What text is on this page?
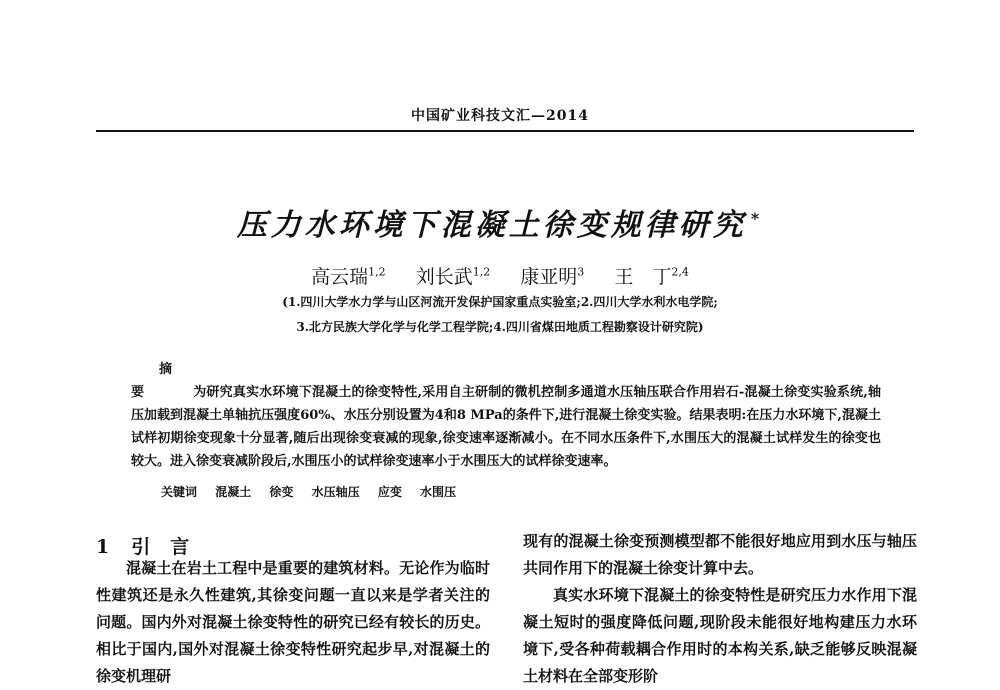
中国矿业科技文汇—2014
压力水环境下混凝土徐变规律研究 *
高云瑞$^{1,2}$ 刘长武$^{1,2}$ 康亚明$^3$ 王　丁$^{2,4}$
(1.四川大学水力学与山区河流开发保护国家重点实验室;2.四川大学水利水电学院;
3.北方民族大学化学与化学工程学院;4.四川省煤田地质工程勘察设计研究院)
摘　要	为研究真实水环境下混凝土的徐变特性,采用自主研制的微机控制多通道水压轴压联合作用岩石-混凝土徐变实验系统,轴压加载到混凝土单轴抗压强度60%、水压分别设置为4和8 MPa的条件下,进行混凝土徐变实验。结果表明:在压力水环境下,混凝土试样初期徐变现象十分显著,随后出现徐变衰减的现象,徐变速率逐渐减小。在不同水压条件下,水围压大的混凝土试样发生的徐变也较大。进入徐变衰减阶段后,水围压小的试样徐变速率小于水围压大的试样徐变速率。
关键词 混凝土 徐变 水压轴压 应变 水围压
1 引言

混凝土在岩土工程中是重要的建筑材料。无论作为临时性建筑还是永久性建筑,其徐变问题一直以来是学者关注的问题。国内外对混凝土徐变特性的研究已经有较长的历史。相比于国内,国外对混凝土徐变特性研究起步早,对混凝土的徐变机理研

现有的混凝土徐变预测模型都不能很好地应用到水压与轴压共同作用下的混凝土徐变计算中去。

真实水环境下混凝土的徐变特性是研究压力水作用下混凝土短时的强度降低问题,现阶段未能很好地构建压力水环境下,受各种荷载耦合作用时的本构关系,缺乏能够反映混凝土材料在全部变形阶
